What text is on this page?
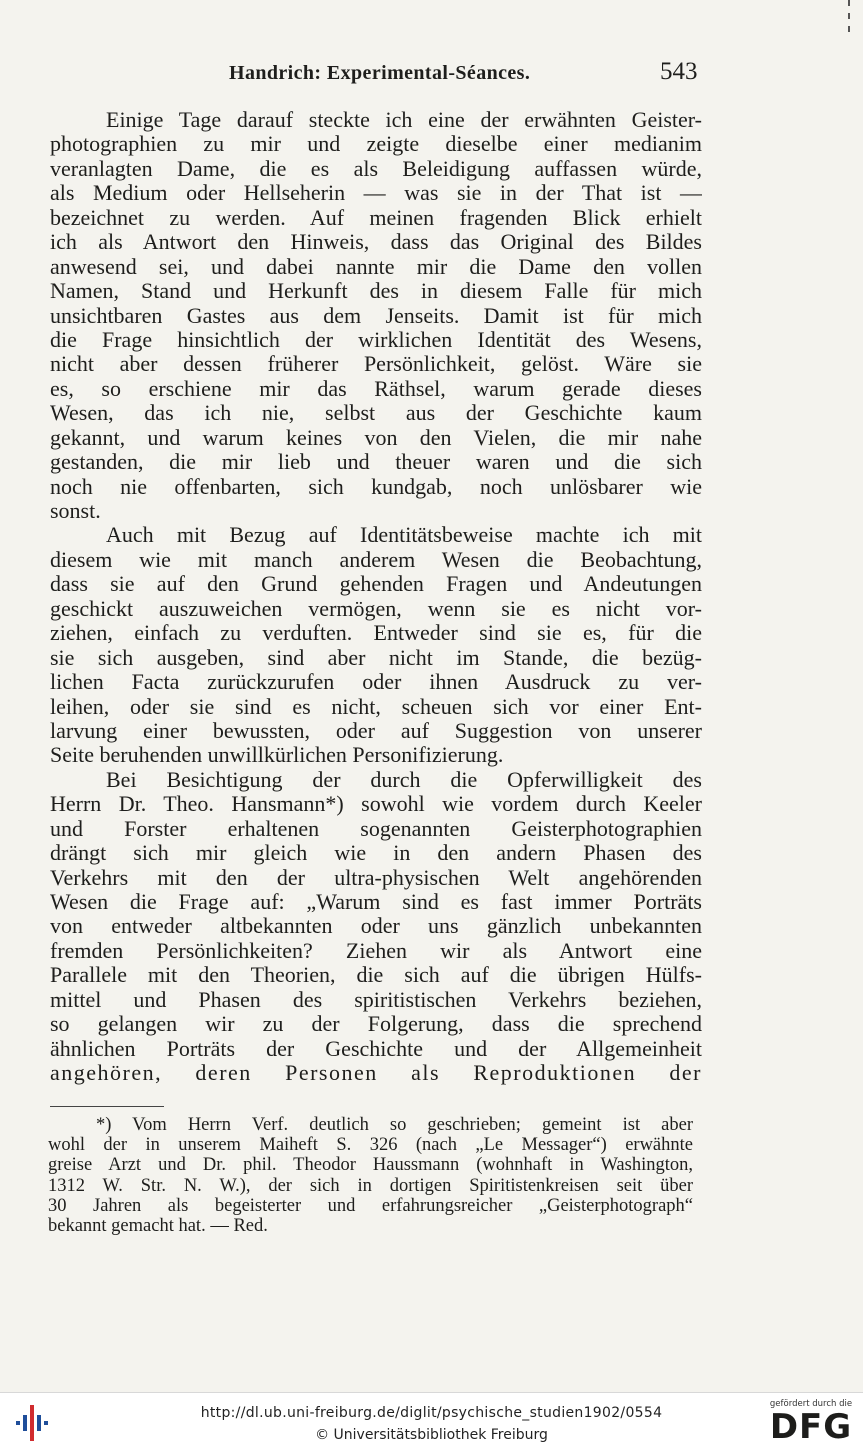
Handrich: Experimental-Séances.	543
Einige Tage darauf steckte ich eine der erwähnten Geister-
photographien zu mir und zeigte dieselbe einer medianim
veranlagten Dame, die es als Beleidigung auffassen würde,
als Medium oder Hellseherin — was sie in der That ist —
bezeichnet zu werden. Auf meinen fragenden Blick erhielt
ich als Antwort den Hinweis, dass das Original des Bildes
anwesend sei, und dabei nannte mir die Dame den vollen
Namen, Stand und Herkunft des in diesem Falle für mich
unsichtbaren Gastes aus dem Jenseits. Damit ist für mich
die Frage hinsichtlich der wirklichen Identität des Wesens,
nicht aber dessen früherer Persönlichkeit, gelöst. Wäre sie
es, so erschiene mir das Räthsel, warum gerade dieses
Wesen, das ich nie, selbst aus der Geschichte kaum
gekannt, und warum keines von den Vielen, die mir nahe
gestanden, die mir lieb und theuer waren und die sich
noch nie offenbarten, sich kundgab, noch unlösbarer wie
sonst.
Auch mit Bezug auf Identitätsbeweise machte ich mit
diesem wie mit manch anderem Wesen die Beobachtung,
dass sie auf den Grund gehenden Fragen und Andeutungen
geschickt auszuweichen vermögen, wenn sie es nicht vor-
ziehen, einfach zu verduften. Entweder sind sie es, für die
sie sich ausgeben, sind aber nicht im Stande, die bezüg-
lichen Facta zurückzurufen oder ihnen Ausdruck zu ver-
leihen, oder sie sind es nicht, scheuen sich vor einer Ent-
larvung einer bewussten, oder auf Suggestion von unserer
Seite beruhenden unwillkürlichen Personifizierung.
Bei Besichtigung der durch die Opferwilligkeit des
Herrn Dr. Theo. Hansmann*) sowohl wie vordem durch Keeler
und Forster erhaltenen sogenannten Geisterphotographien
drängt sich mir gleich wie in den andern Phasen des
Verkehrs mit den der ultra-physischen Welt angehörenden
Wesen die Frage auf: „Warum sind es fast immer Porträts
von entweder altbekannten oder uns gänzlich unbekannten
fremden Persönlichkeiten? Ziehen wir als Antwort eine
Parallele mit den Theorien, die sich auf die übrigen Hülfs-
mittel und Phasen des spiritistischen Verkehrs beziehen,
so gelangen wir zu der Folgerung, dass die sprechend
ähnlichen Porträts der Geschichte und der Allgemeinheit
angehören, deren Personen als Reproduktionen der
*) Vom Herrn Verf. deutlich so geschrieben; gemeint ist aber
wohl der in unserem Maiheft S. 326 (nach „Le Messager“) erwähnte
greise Arzt und Dr. phil. Theodor Haussmann (wohnhaft in Washington,
1312 W. Str. N. W.), der sich in dortigen Spiritistenkreisen seit über
30 Jahren als begeisterter und erfahrungsreicher „Geisterphotograph“
bekannt gemacht hat. — Red.
http://dl.ub.uni-freiburg.de/diglit/psychische_studien1902/0554
© Universitätsbibliothek Freiburg
gefördert durch die
DFG
